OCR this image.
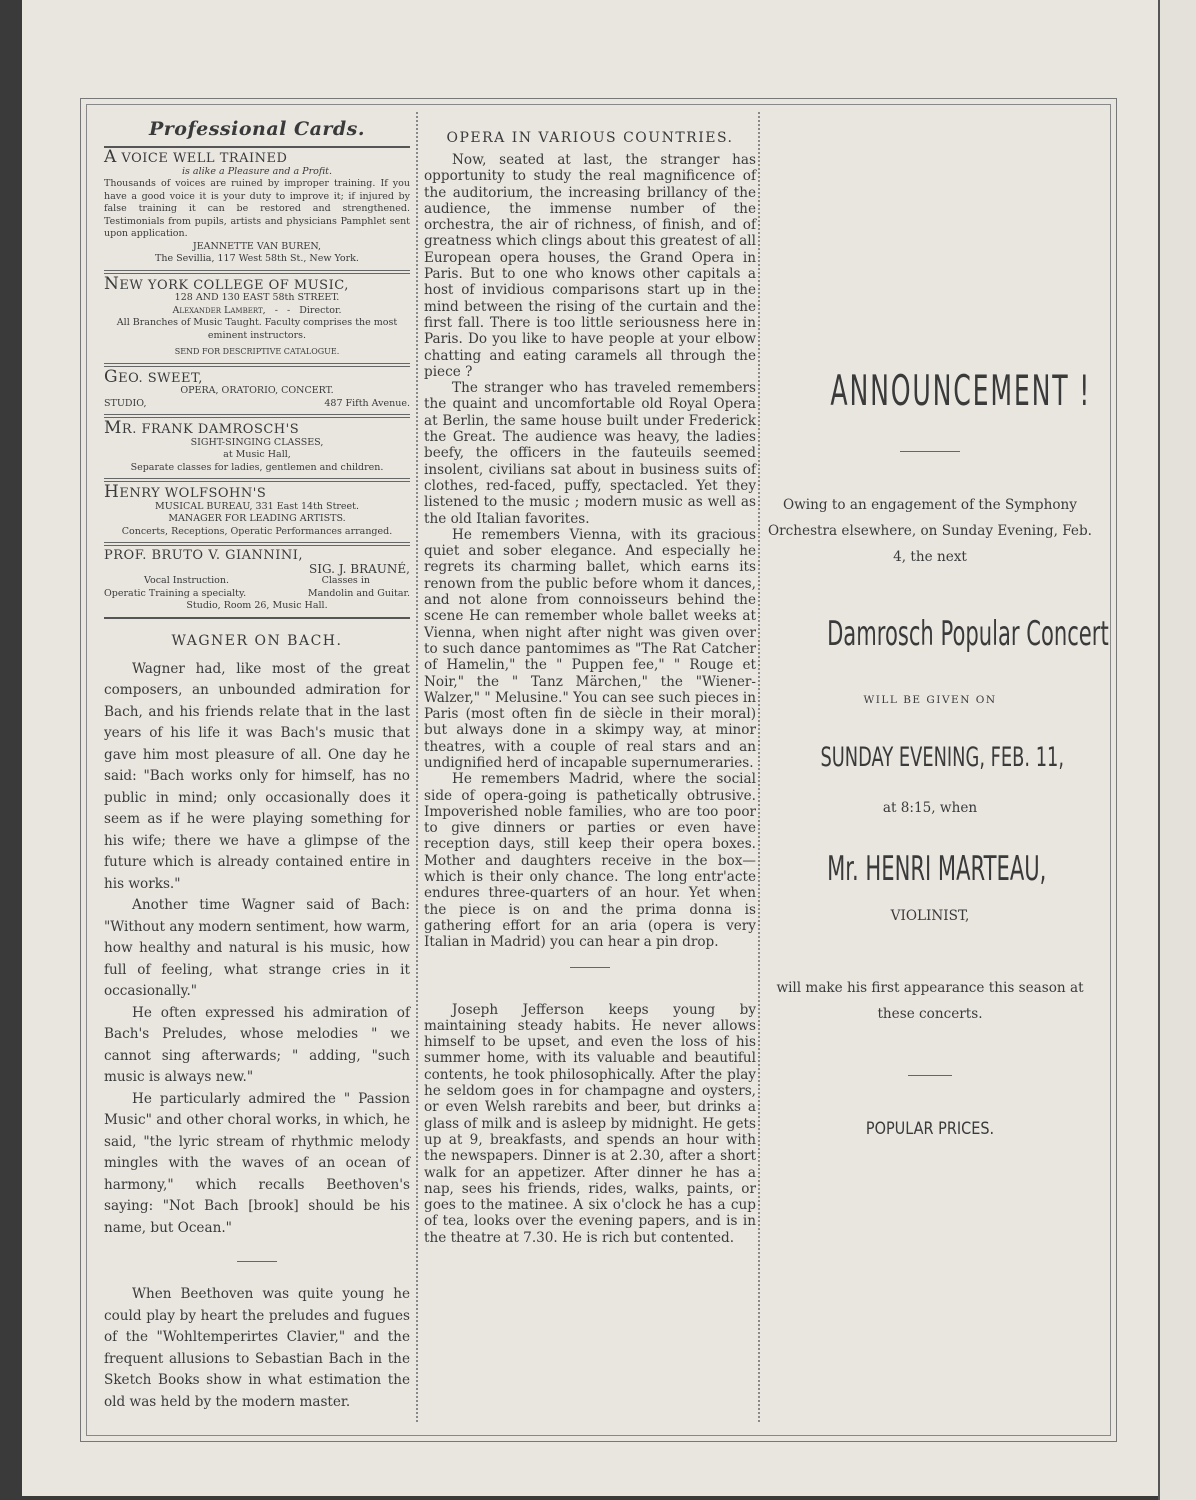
Professional Cards.
A VOICE WELL TRAINED
is alike a Pleasure and a Profit.
Thousands of voices are ruined by improper training. If you have a good voice it is your duty to improve it; if injured by false training it can be restored and strengthened. Testimonials from pupils, artists and physicians Pamphlet sent upon application.
JEANNETTE VAN BUREN,
The Sevillia, 117 West 58th St., New York.
NEW YORK COLLEGE OF MUSIC,
128 AND 130 EAST 58th STREET.
Alexander Lambert,   -   -   Director.
All Branches of Music Taught. Faculty comprises the most eminent instructors.
SEND FOR DESCRIPTIVE CATALOGUE.
GEO. SWEET,
OPERA, ORATORIO, CONCERT.
STUDIO,	487 Fifth Avenue.
MR. FRANK DAMROSCH'S
SIGHT-SINGING CLASSES,
at Music Hall,
Separate classes for ladies, gentlemen and children.
HENRY WOLFSOHN'S
MUSICAL BUREAU, 331 East 14th Street.
MANAGER FOR LEADING ARTISTS.
Concerts, Receptions, Operatic Performances arranged.
PROF. BRUTO V. GIANNINI,
SIG. J. BRAUNÉ,
Vocal Instruction.	Classes in
Operatic Training a specialty.	Mandolin and Guitar.
Studio, Room 26, Music Hall.
WAGNER ON BACH.

Wagner had, like most of the great composers, an unbounded admiration for Bach, and his friends relate that in the last years of his life it was Bach's music that gave him most pleasure of all. One day he said: "Bach works only for himself, has no public in mind; only occasionally does it seem as if he were playing something for his wife; there we have a glimpse of the future which is already contained entire in his works."

Another time Wagner said of Bach: "Without any modern sentiment, how warm, how healthy and natural is his music, how full of feeling, what strange cries in it occasionally."

He often expressed his admiration of Bach's Preludes, whose melodies " we cannot sing afterwards; " adding, "such music is always new."

He particularly admired the " Passion Music" and other choral works, in which, he said, "the lyric stream of rhythmic melody mingles with the waves of an ocean of harmony," which recalls Beethoven's saying: "Not Bach [brook] should be his name, but Ocean."

When Beethoven was quite young he could play by heart the preludes and fugues of the "Wohltemperirtes Clavier," and the frequent allusions to Sebastian Bach in the Sketch Books show in what estimation the old was held by the modern master.

OPERA IN VARIOUS COUNTRIES.

Now, seated at last, the stranger has opportunity to study the real magnificence of the auditorium, the increasing brillancy of the audience, the immense number of the orchestra, the air of richness, of finish, and of greatness which clings about this greatest of all European opera houses, the Grand Opera in Paris. But to one who knows other capitals a host of invidious comparisons start up in the mind between the rising of the curtain and the first fall. There is too little seriousness here in Paris. Do you like to have people at your elbow chatting and eating caramels all through the piece ?

The stranger who has traveled remembers the quaint and uncomfortable old Royal Opera at Berlin, the same house built under Frederick the Great. The audience was heavy, the ladies beefy, the officers in the fauteuils seemed insolent, civilians sat about in business suits of clothes, red-faced, puffy, spectacled. Yet they listened to the music ; modern music as well as the old Italian favorites.

He remembers Vienna, with its gracious quiet and sober elegance. And especially he regrets its charming ballet, which earns its renown from the public before whom it dances, and not alone from connoisseurs behind the scene He can remember whole ballet weeks at Vienna, when night after night was given over to such dance pantomimes as "The Rat Catcher of Hamelin," the " Puppen fee," " Rouge et Noir," the " Tanz Märchen," the "Wiener-Walzer," " Melusine." You can see such pieces in Paris (most often fin de siècle in their moral) but always done in a skimpy way, at minor theatres, with a couple of real stars and an undignified herd of incapable supernumeraries.

He remembers Madrid, where the social side of opera-going is pathetically obtrusive. Impoverished noble families, who are too poor to give dinners or parties or even have reception days, still keep their opera boxes. Mother and daughters receive in the box—which is their only chance. The long entr'acte endures three-quarters of an hour. Yet when the piece is on and the prima donna is gathering effort for an aria (opera is very Italian in Madrid) you can hear a pin drop.

Joseph Jefferson keeps young by maintaining steady habits. He never allows himself to be upset, and even the loss of his summer home, with its valuable and beautiful contents, he took philosophically. After the play he seldom goes in for champagne and oysters, or even Welsh rarebits and beer, but drinks a glass of milk and is asleep by midnight. He gets up at 9, breakfasts, and spends an hour with the newspapers. Dinner is at 2.30, after a short walk for an appetizer. After dinner he has a nap, sees his friends, rides, walks, paints, or goes to the matinee. A six o'clock he has a cup of tea, looks over the evening papers, and is in the theatre at 7.30. He is rich but contented.

ANNOUNCEMENT !
Owing to an engagement of the Symphony Orchestra elsewhere, on Sunday Evening, Feb. 4, the next
Damrosch Popular Concert
WILL BE GIVEN ON
SUNDAY EVENING, FEB. 11,
at 8:15, when
Mr. HENRI MARTEAU,
VIOLINIST,
will make his first appearance this season at these concerts.
POPULAR PRICES.
